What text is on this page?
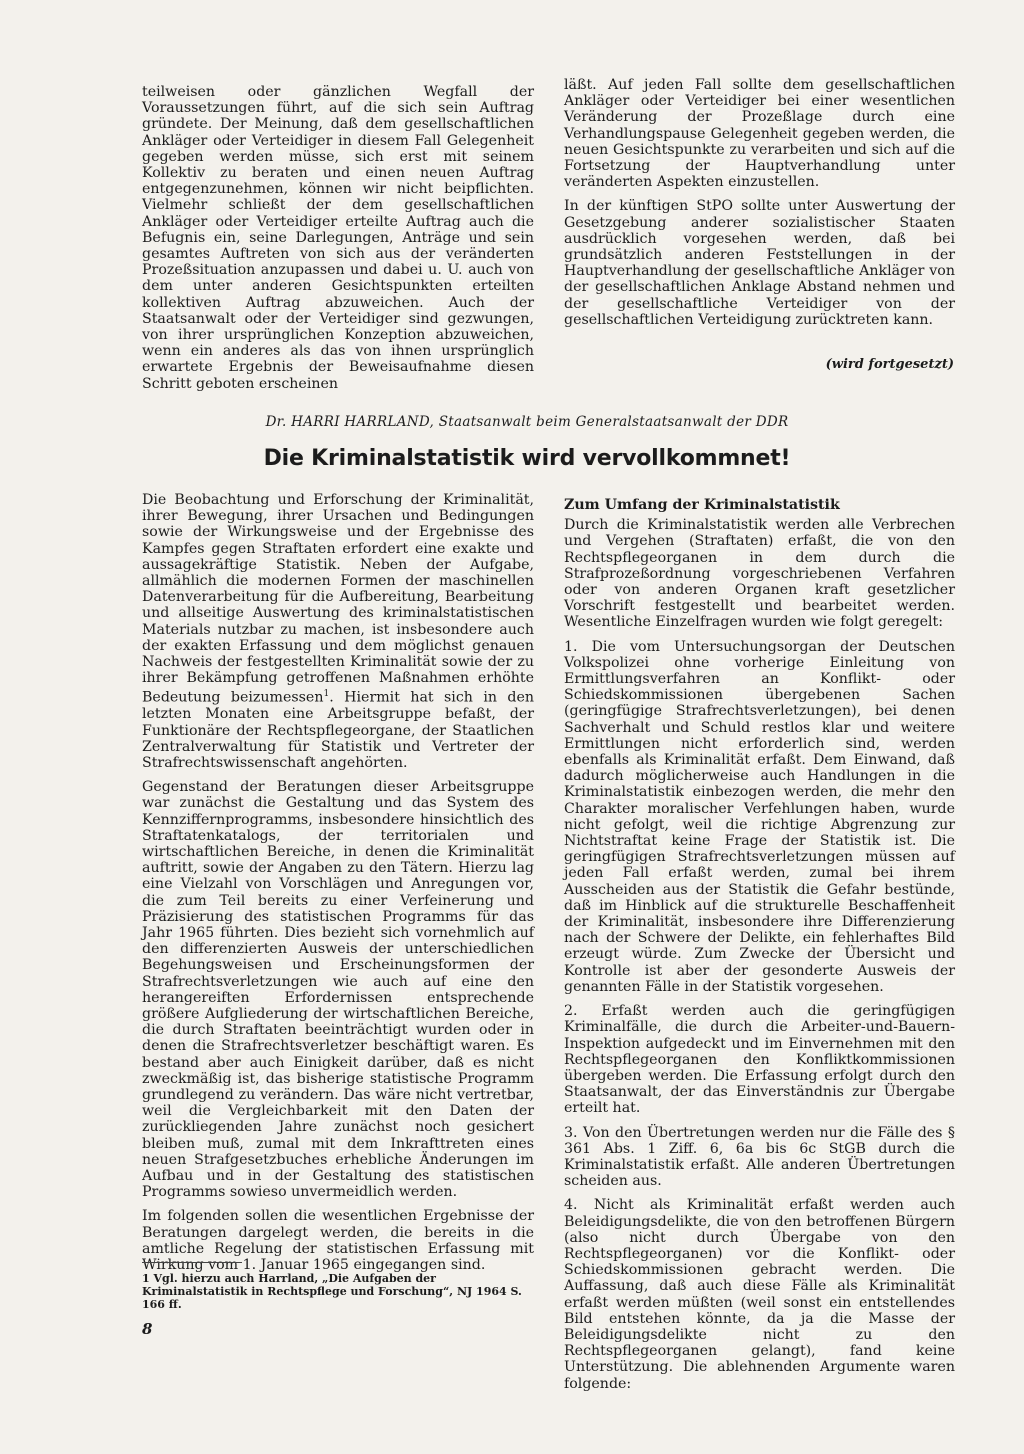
teilweisen oder gänzlichen Wegfall der Voraussetzungen führt, auf die sich sein Auftrag gründete. Der Meinung, daß dem gesellschaftlichen Ankläger oder Verteidiger in diesem Fall Gelegenheit gegeben werden müsse, sich erst mit seinem Kollektiv zu beraten und einen neuen Auftrag entgegenzunehmen, können wir nicht beipflichten. Vielmehr schließt der dem gesellschaftlichen Ankläger oder Verteidiger erteilte Auftrag auch die Befugnis ein, seine Darlegungen, Anträge und sein gesamtes Auftreten von sich aus der veränderten Prozeßsituation anzupassen und dabei u. U. auch von dem unter anderen Gesichtspunkten erteilten kollektiven Auftrag abzuweichen. Auch der Staatsanwalt oder der Verteidiger sind gezwungen, von ihrer ursprünglichen Konzeption abzuweichen, wenn ein anderes als das von ihnen ursprünglich erwartete Ergebnis der Beweisaufnahme diesen Schritt geboten erscheinen

läßt. Auf jeden Fall sollte dem gesellschaftlichen Ankläger oder Verteidiger bei einer wesentlichen Veränderung der Prozeßlage durch eine Verhandlungspause Gelegenheit gegeben werden, die neuen Gesichtspunkte zu verarbeiten und sich auf die Fortsetzung der Hauptverhandlung unter veränderten Aspekten einzustellen.

In der künftigen StPO sollte unter Auswertung der Gesetzgebung anderer sozialistischer Staaten ausdrücklich vorgesehen werden, daß bei grundsätzlich anderen Feststellungen in der Hauptverhandlung der gesellschaftliche Ankläger von der gesellschaftlichen Anklage Abstand nehmen und der gesellschaftliche Verteidiger von der gesellschaftlichen Verteidigung zurücktreten kann.

(wird fortgesetzt)
Dr. HARRI HARRLAND, Staatsanwalt beim Generalstaatsanwalt der DDR
Die Kriminalstatistik wird vervollkommnet!

Die Beobachtung und Erforschung der Kriminalität, ihrer Bewegung, ihrer Ursachen und Bedingungen sowie der Wirkungsweise und der Ergebnisse des Kampfes gegen Straftaten erfordert eine exakte und aussagekräftige Statistik. Neben der Aufgabe, allmählich die modernen Formen der maschinellen Datenverarbeitung für die Aufbereitung, Bearbeitung und allseitige Auswertung des kriminalstatistischen Materials nutzbar zu machen, ist insbesondere auch der exakten Erfassung und dem möglichst genauen Nachweis der festgestellten Kriminalität sowie der zu ihrer Bekämpfung getroffenen Maßnahmen erhöhte Bedeutung beizumessen$^1$. Hiermit hat sich in den letzten Monaten eine Arbeitsgruppe befaßt, der Funktionäre der Rechtspflegeorgane, der Staatlichen Zentralverwaltung für Statistik und Vertreter der Strafrechtswissenschaft angehörten.

Gegenstand der Beratungen dieser Arbeitsgruppe war zunächst die Gestaltung und das System des Kennziffernprogramms, insbesondere hinsichtlich des Straftatenkatalogs, der territorialen und wirtschaftlichen Bereiche, in denen die Kriminalität auftritt, sowie der Angaben zu den Tätern. Hierzu lag eine Vielzahl von Vorschlägen und Anregungen vor, die zum Teil bereits zu einer Verfeinerung und Präzisierung des statistischen Programms für das Jahr 1965 führten. Dies bezieht sich vornehmlich auf den differenzierten Ausweis der unterschiedlichen Begehungsweisen und Erscheinungsformen der Strafrechtsverletzungen wie auch auf eine den herangereiften Erfordernissen entsprechende größere Aufgliederung der wirtschaftlichen Bereiche, die durch Straftaten beeinträchtigt wurden oder in denen die Strafrechtsverletzer beschäftigt waren. Es bestand aber auch Einigkeit darüber, daß es nicht zweckmäßig ist, das bisherige statistische Programm grundlegend zu verändern. Das wäre nicht vertretbar, weil die Vergleichbarkeit mit den Daten der zurückliegenden Jahre zunächst noch gesichert bleiben muß, zumal mit dem Inkrafttreten eines neuen Strafgesetzbuches erhebliche Änderungen im Aufbau und in der Gestaltung des statistischen Programms sowieso unvermeidlich werden.

Im folgenden sollen die wesentlichen Ergebnisse der Beratungen dargelegt werden, die bereits in die amtliche Regelung der statistischen Erfassung mit Wirkung vom 1. Januar 1965 eingegangen sind.

Zum Umfang der Kriminalstatistik

Durch die Kriminalstatistik werden alle Verbrechen und Vergehen (Straftaten) erfaßt, die von den Rechtspflegeorganen in dem durch die Strafprozeßordnung vorgeschriebenen Verfahren oder von anderen Organen kraft gesetzlicher Vorschrift festgestellt und bearbeitet werden. Wesentliche Einzelfragen wurden wie folgt geregelt:

1. Die vom Untersuchungsorgan der Deutschen Volkspolizei ohne vorherige Einleitung von Ermittlungsverfahren an Konflikt- oder Schiedskommissionen übergebenen Sachen (geringfügige Strafrechtsverletzungen), bei denen Sachverhalt und Schuld restlos klar und weitere Ermittlungen nicht erforderlich sind, werden ebenfalls als Kriminalität erfaßt. Dem Einwand, daß dadurch möglicherweise auch Handlungen in die Kriminalstatistik einbezogen werden, die mehr den Charakter moralischer Verfehlungen haben, wurde nicht gefolgt, weil die richtige Abgrenzung zur Nichtstraftat keine Frage der Statistik ist. Die geringfügigen Strafrechtsverletzungen müssen auf jeden Fall erfaßt werden, zumal bei ihrem Ausscheiden aus der Statistik die Gefahr bestünde, daß im Hinblick auf die strukturelle Beschaffenheit der Kriminalität, insbesondere ihre Differenzierung nach der Schwere der Delikte, ein fehlerhaftes Bild erzeugt würde. Zum Zwecke der Übersicht und Kontrolle ist aber der gesonderte Ausweis der genannten Fälle in der Statistik vorgesehen.

2. Erfaßt werden auch die geringfügigen Kriminalfälle, die durch die Arbeiter-und-Bauern-Inspektion aufgedeckt und im Einvernehmen mit den Rechtspflegeorganen den Konfliktkommissionen übergeben werden. Die Erfassung erfolgt durch den Staatsanwalt, der das Einverständnis zur Übergabe erteilt hat.

3. Von den Übertretungen werden nur die Fälle des § 361 Abs. 1 Ziff. 6, 6a bis 6c StGB durch die Kriminalstatistik erfaßt. Alle anderen Übertretungen scheiden aus.

4. Nicht als Kriminalität erfaßt werden auch Beleidigungsdelikte, die von den betroffenen Bürgern (also nicht durch Übergabe von den Rechtspflegeorganen) vor die Konflikt- oder Schiedskommissionen gebracht werden. Die Auffassung, daß auch diese Fälle als Kriminalität erfaßt werden müßten (weil sonst ein entstellendes Bild entstehen könnte, da ja die Masse der Beleidigungsdelikte nicht zu den Rechtspflegeorganen gelangt), fand keine Unterstützung. Die ablehnenden Argumente waren folgende:

1 Vgl. hierzu auch Harrland, „Die Aufgaben der Kriminalstatistik in Rechtspflege und Forschung“, NJ 1964 S. 166 ff.
8
